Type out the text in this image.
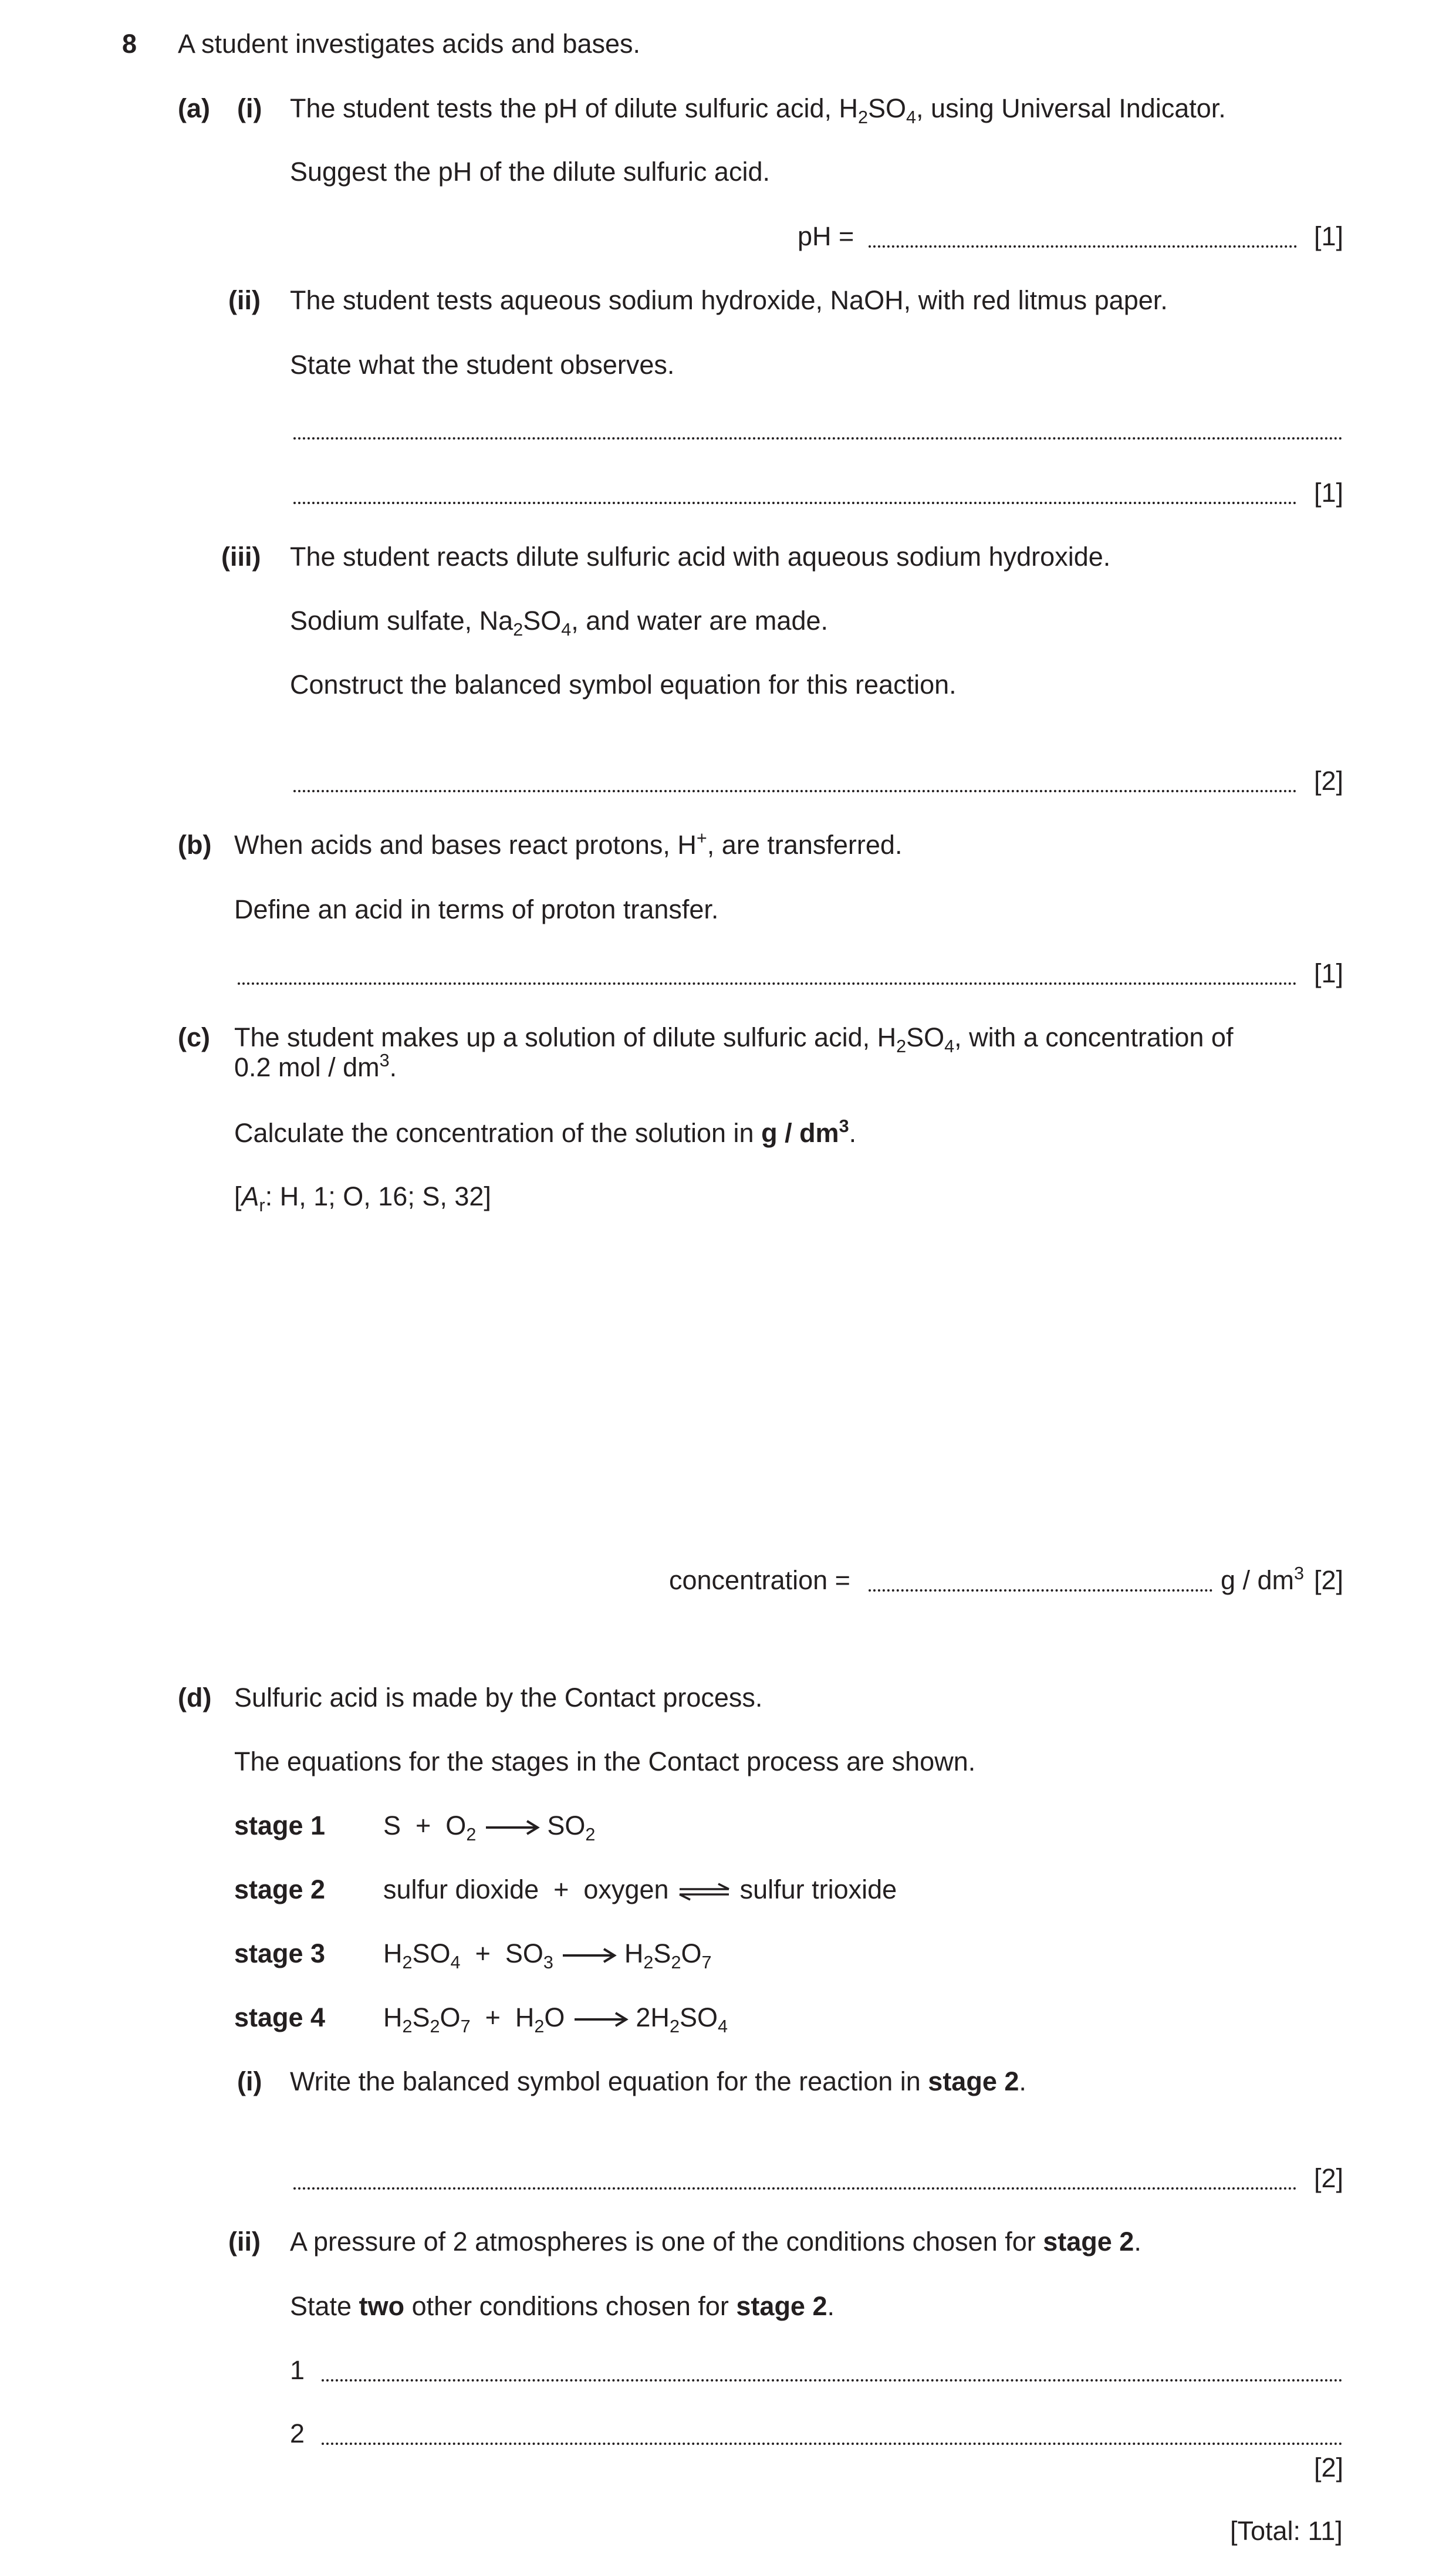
8 A student investigates acids and bases.
(a) (i) The student tests the pH of dilute sulfuric acid, $H_2SO_4$, using Universal Indicator.
Suggest the pH of the dilute sulfuric acid.
pH =	[1]
(ii) The student tests aqueous sodium hydroxide, NaOH, with red litmus paper.
State what the student observes.
[1]
(iii) The student reacts dilute sulfuric acid with aqueous sodium hydroxide.
Sodium sulfate, $Na_2SO_4$, and water are made.
Construct the balanced symbol equation for this reaction.
[2]
(b) When acids and bases react protons, H+, are transferred.
Define an acid in terms of proton transfer.
[1]
(c) The student makes up a solution of dilute sulfuric acid, $H_2SO_4$, with a concentration of
0.2 mol / $dm^3$.
Calculate the concentration of the solution in g / $dm^3$.
[$A_r$: H, 1; O, 16; S, 32]
concentration =	g / $dm^3$ [2]
(d) Sulfuric acid is made by the Contact process.
The equations for the stages in the Contact process are shown.
stage 1 $S + O_2$  $SO_2$
stage 2 sulfur dioxide  +  oxygen ⇌ sulfur trioxide
stage 3 $H_2SO_4 + SO_3$  $H_2S_2O_7$
stage 4 $H_2S_2O_7 + H_2O$  $2H_2SO_4$
(i) Write the balanced symbol equation for the reaction in stage 2.
[2]
(ii) A pressure of 2 atmospheres is one of the conditions chosen for stage 2.
State two other conditions chosen for stage 2.
1
2
[2]
[Total: 11]
